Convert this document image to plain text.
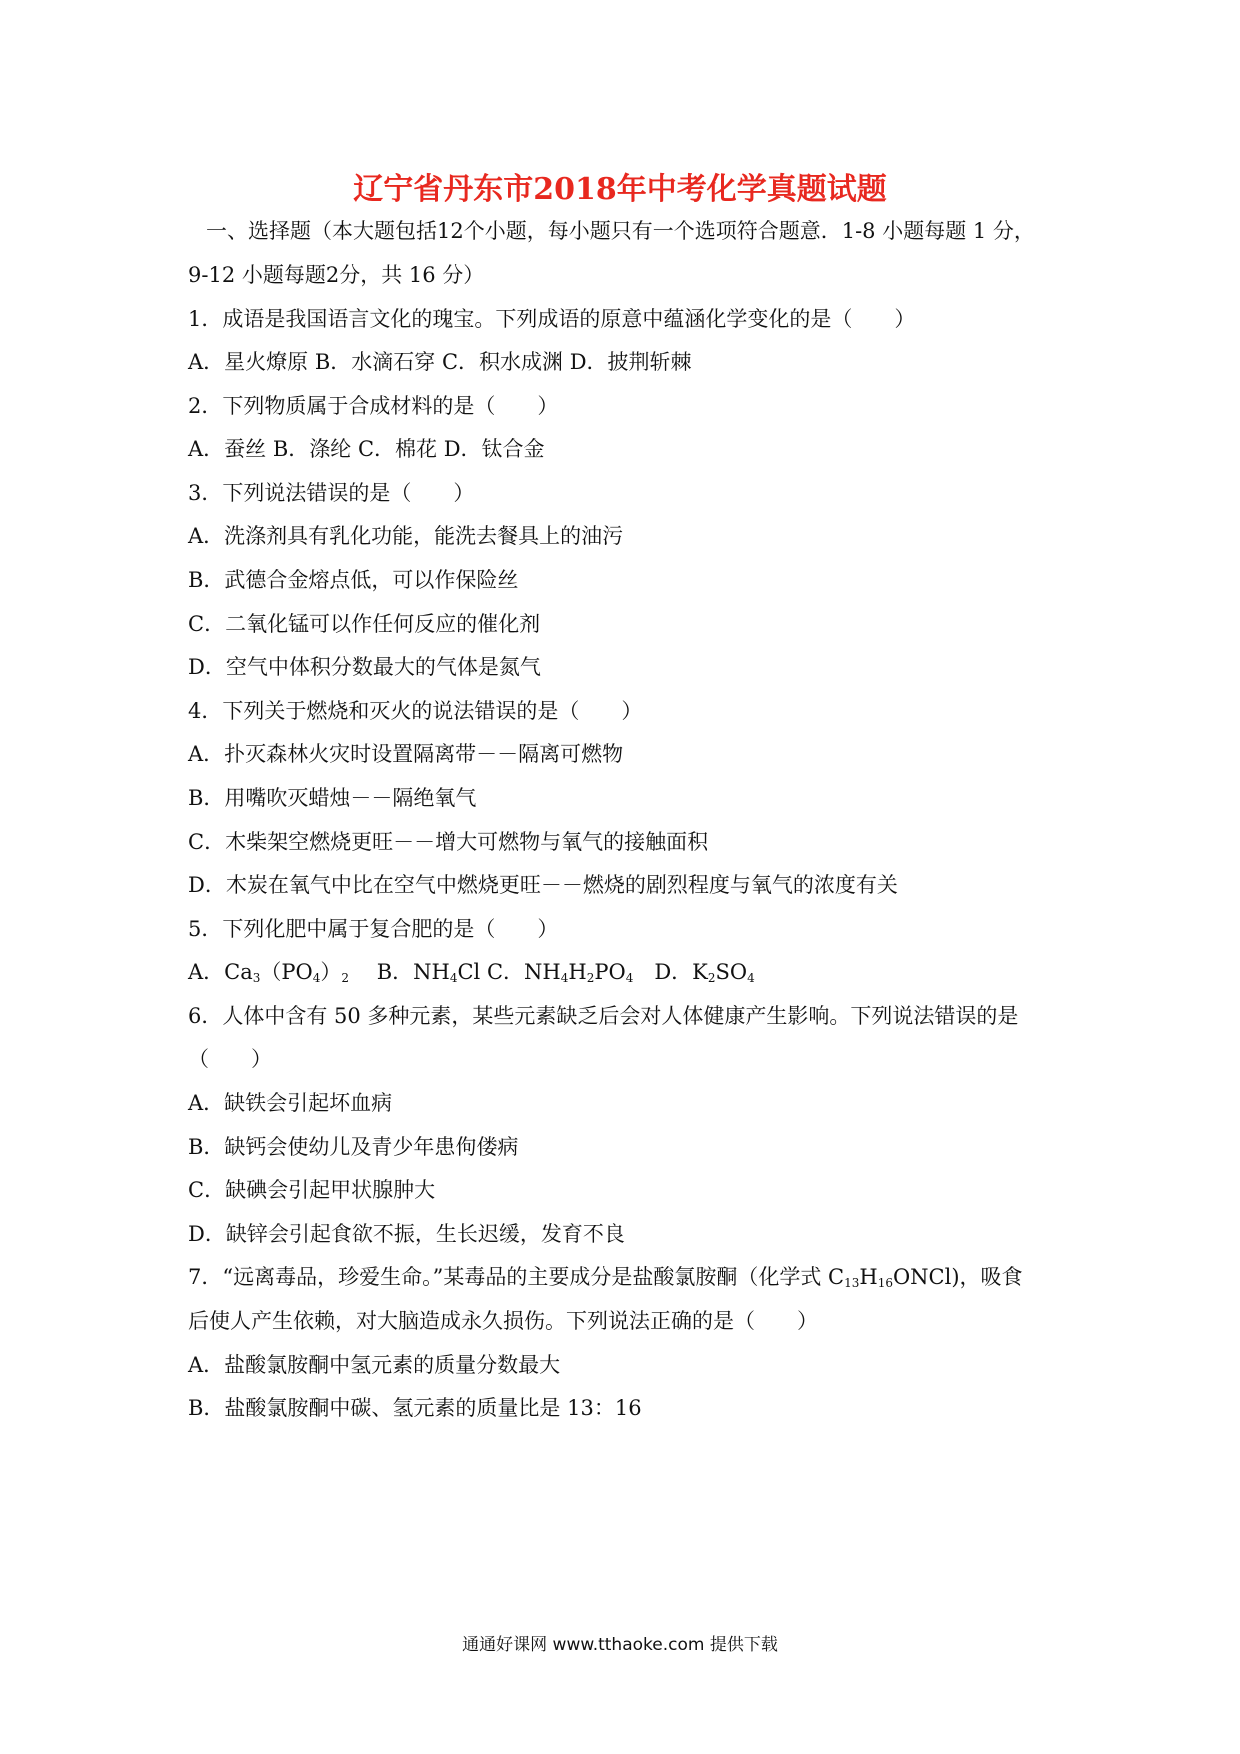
辽宁省丹东市2018年中考化学真题试题
一、选择题（本大题包括12个小题，每小题只有一个选项符合题意．1-8 小题每题 1 分，
9-12 小题每题2分，共 16 分）
1．成语是我国语言文化的瑰宝。下列成语的原意中蕴涵化学变化的是（　　）
A．星火燎原 B．水滴石穿 C．积水成渊 D．披荆斩棘
2．下列物质属于合成材料的是（　　）
A．蚕丝 B．涤纶 C．棉花 D．钛合金
3．下列说法错误的是（　　）
A．洗涤剂具有乳化功能，能洗去餐具上的油污
B．武德合金熔点低，可以作保险丝
C．二氧化锰可以作任何反应的催化剂
D．空气中体积分数最大的气体是氮气
4．下列关于燃烧和灭火的说法错误的是（　　）
A．扑灭森林火灾时设置隔离带－－隔离可燃物
B．用嘴吹灭蜡烛－－隔绝氧气
C．木柴架空燃烧更旺－－增大可燃物与氧气的接触面积
D．木炭在氧气中比在空气中燃烧更旺－－燃烧的剧烈程度与氧气的浓度有关
5．下列化肥中属于复合肥的是（　　）
A．$Ca_3(PO_4)_2$　 B．$NH_4Cl$ C．$NH_4H_2PO_4$　D．$K_2SO_4$
6．人体中含有 50 多种元素，某些元素缺乏后会对人体健康产生影响。下列说法错误的是
（　　）
A．缺铁会引起坏血病
B．缺钙会使幼儿及青少年患佝偻病
C．缺碘会引起甲状腺肿大
D．缺锌会引起食欲不振，生长迟缓，发育不良
7．“远离毒品，珍爱生命。”某毒品的主要成分是盐酸氯胺酮（化学式 $C_{13}H_{16}ONCl$)，吸食
后使人产生依赖，对大脑造成永久损伤。下列说法正确的是（　　）
A．盐酸氯胺酮中氢元素的质量分数最大
B．盐酸氯胺酮中碳、氢元素的质量比是 13：16
通通好课网 www.tthaoke.com 提供下载
